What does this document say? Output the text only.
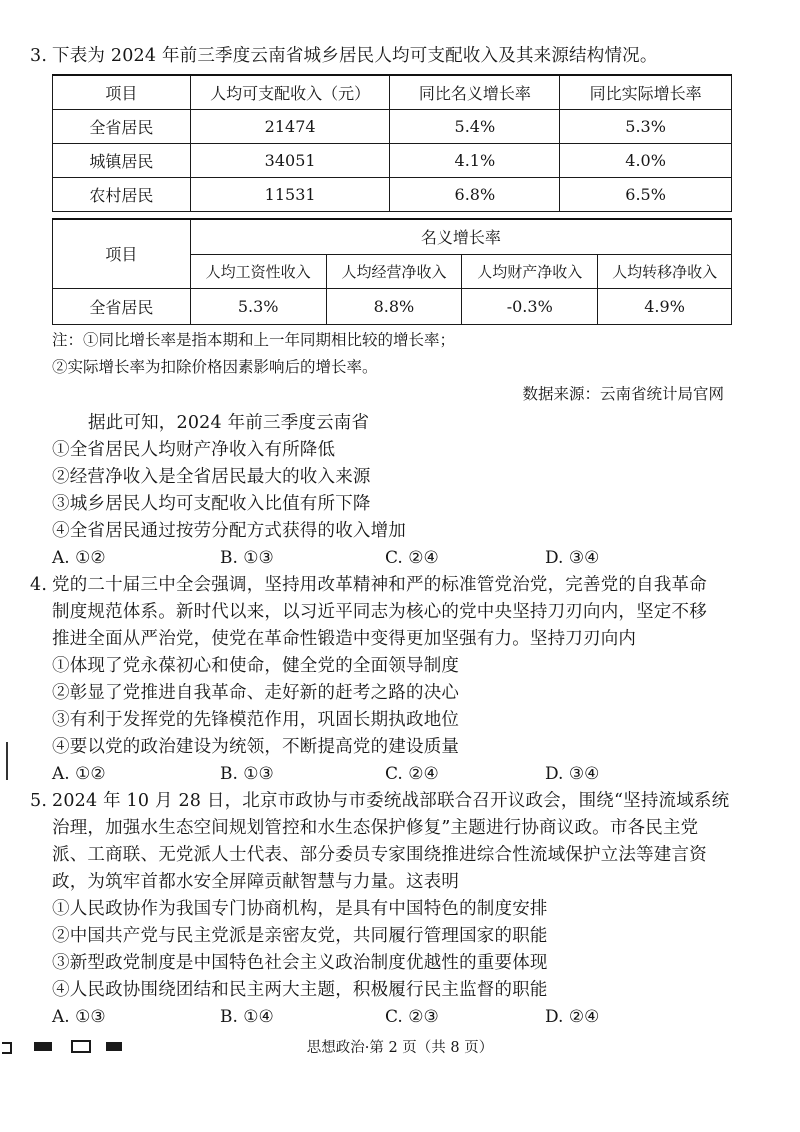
3. 下表为 2024 年前三季度云南省城乡居民人均可支配收入及其来源结构情况。
项目	人均可支配收入（元）	同比名义增长率	同比实际增长率
全省居民	21474	5.4%	5.3%
城镇居民	34051	4.1%	4.0%
农村居民	11531	6.8%	6.5%
项目	名义增长率			
	人均工资性收入	人均经营净收入	人均财产净收入	人均转移净收入
全省居民	5.3%	8.8%	-0.3%	4.9%
注：①同比增长率是指本期和上一年同期相比较的增长率；
②实际增长率为扣除价格因素影响后的增长率。
数据来源：云南省统计局官网
据此可知，2024 年前三季度云南省
①全省居民人均财产净收入有所降低
②经营净收入是全省居民最大的收入来源
③城乡居民人均可支配收入比值有所下降
④全省居民通过按劳分配方式获得的收入增加
A. ①②	B. ①③	C. ②④	D. ③④
4. 党的二十届三中全会强调，坚持用改革精神和严的标准管党治党，完善党的自我革命
制度规范体系。新时代以来，以习近平同志为核心的党中央坚持刀刃向内，坚定不移
推进全面从严治党，使党在革命性锻造中变得更加坚强有力。坚持刀刃向内
①体现了党永葆初心和使命，健全党的全面领导制度
②彰显了党推进自我革命、走好新的赶考之路的决心
③有利于发挥党的先锋模范作用，巩固长期执政地位
④要以党的政治建设为统领，不断提高党的建设质量
A. ①②	B. ①③	C. ②④	D. ③④
5. 2024 年 10 月 28 日，北京市政协与市委统战部联合召开议政会，围绕“坚持流域系统
治理，加强水生态空间规划管控和水生态保护修复”主题进行协商议政。市各民主党
派、工商联、无党派人士代表、部分委员专家围绕推进综合性流域保护立法等建言资
政，为筑牢首都水安全屏障贡献智慧与力量。这表明
①人民政协作为我国专门协商机构，是具有中国特色的制度安排
②中国共产党与民主党派是亲密友党，共同履行管理国家的职能
③新型政党制度是中国特色社会主义政治制度优越性的重要体现
④人民政协围绕团结和民主两大主题，积极履行民主监督的职能
A. ①③	B. ①④	C. ②③	D. ②④
思想政治·第 2 页（共 8 页）
